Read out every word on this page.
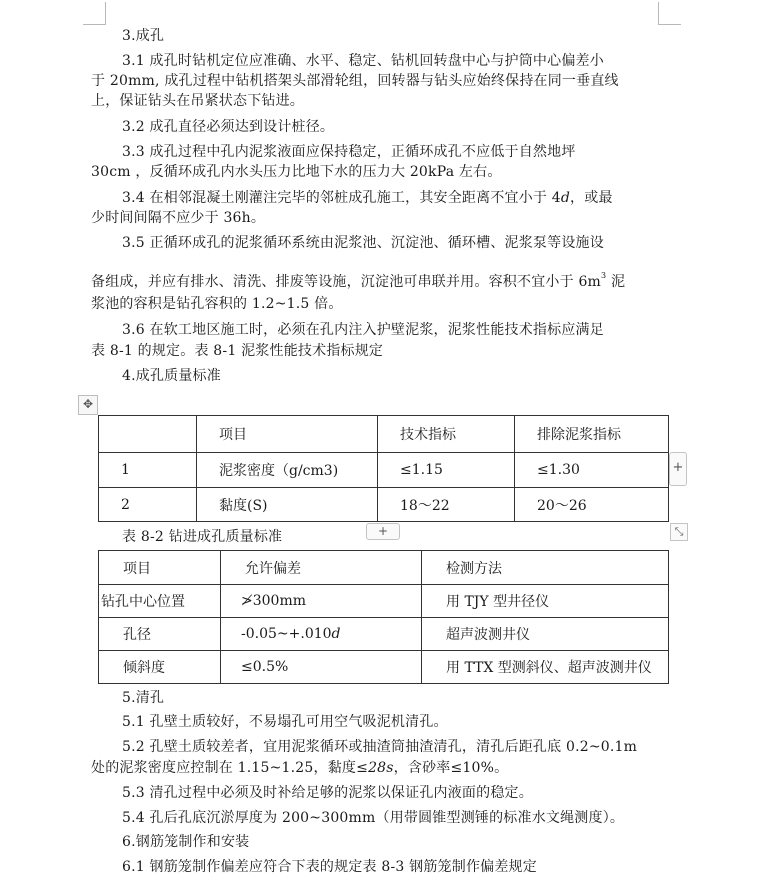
3.成孔
3.1 成孔时钻机定位应准确、水平、稳定、钻机回转盘中心与护筒中心偏差小
于 20mm, 成孔过程中钻机搭架头部滑轮组，回转器与钻头应始终保持在同一垂直线
上，保证钻头在吊紧状态下钻进。
3.2 成孔直径必须达到设计桩径。
3.3 成孔过程中孔内泥浆液面应保持稳定，正循环成孔不应低于自然地坪
30cm ，反循环成孔内水头压力比地下水的压力大 20kPa 左右。
3.4 在相邻混凝土刚灌注完毕的邻桩成孔施工，其安全距离不宜小于 4d，或最
少时间间隔不应少于 36h。
3.5 正循环成孔的泥浆循环系统由泥浆池、沉淀池、循环槽、泥浆泵等设施设
备组成，并应有排水、清洗、排废等设施，沉淀池可串联并用。容积不宜小于 $6m^3$ 泥
浆池的容积是钻孔容积的 1.2~1.5 倍。
3.6 在软工地区施工时，必须在孔内注入护壁泥浆，泥浆性能技术指标应满足
表 8-1 的规定。表 8-1 泥浆性能技术指标规定
4.成孔质量标准
✥
	项目	技术指标	排除泥浆指标
1	泥浆密度（g/cm3)	≤1.15	≤1.30
2	黏度(S)	18～22	20～26
+
+	⤡
表 8-2 钻进成孔质量标准
项目	允许偏差	检测方法
钻孔中心位置	≯300mm	用 TJY 型井径仪
孔径	-0.05~+.010d	超声波测井仪
倾斜度	≤0.5%	用 TTX 型测斜仪、超声波测井仪
5.清孔
5.1 孔壁土质较好，不易塌孔可用空气吸泥机清孔。
5.2 孔壁土质较差者，宜用泥浆循环或抽渣筒抽渣清孔，清孔后距孔底 0.2~0.1m
处的泥浆密度应控制在 1.15~1.25，黏度≤28s，含砂率≤10%。
5.3 清孔过程中必须及时补给足够的泥浆以保证孔内液面的稳定。
5.4 孔后孔底沉淤厚度为 200~300mm（用带圆锥型测锤的标准水文绳测度）。
6.钢筋笼制作和安装
6.1 钢筋笼制作偏差应符合下表的规定表 8-3 钢筋笼制作偏差规定
